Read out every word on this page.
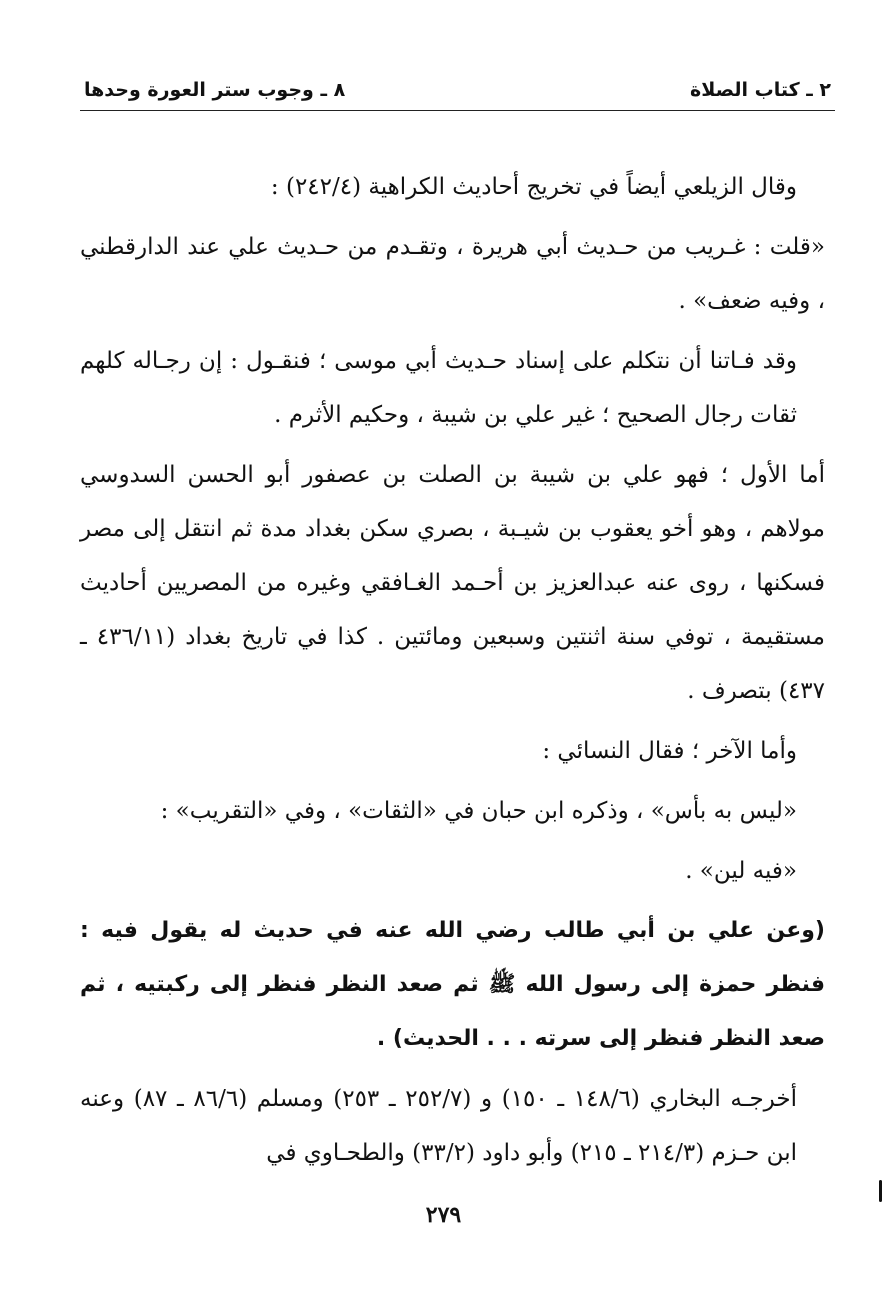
٢ ـ كتاب الصلاة
٨ ـ وجوب ستر العورة وحدها

وقال الزيلعي أيضاً في تخريج أحاديث الكراهية (٢٤٢/٤) :

«قلت : غـريب من حـديث أبي هريرة ، وتقـدم من حـديث علي عند الدارقطني ، وفيه ضعف» .

وقد فـاتنا أن نتكلم على إسناد حـديث أبي موسى ؛ فنقـول : إن رجـاله كلهم ثقات رجال الصحيح ؛ غير علي بن شيبة ، وحكيم الأثرم .

أما الأول ؛ فهو علي بن شيبة بن الصلت بن عصفور أبو الحسن السدوسي مولاهم ، وهو أخو يعقوب بن شيـبة ، بصري سكن بغداد مدة ثم انتقل إلى مصر فسكنها ، روى عنه عبدالعزيز بن أحـمد الغـافقي وغيره من المصريين أحاديث مستقيمة ، توفي سنة اثنتين وسبعين ومائتين . كذا في تاريخ بغداد (٤٣٦/١١ ـ ٤٣٧) بتصرف .

وأما الآخر ؛ فقال النسائي :

«ليس به بأس» ، وذكره ابن حبان في «الثقات» ، وفي «التقريب» :

«فيه لين» .

(وعن علي بن أبي طالب رضي الله عنه في حديث له يقول فيه : فنظر حمزة إلى رسول الله ﷺ ثم صعد النظر فنظر إلى ركبتيه ، ثم صعد النظر فنظر إلى سرته . . . الحديث) .

أخرجـه البخاري (١٤٨/٦ ـ ١٥٠) و (٢٥٢/٧ ـ ٢٥٣) ومسلم (٨٦/٦ ـ ٨٧) وعنه ابن حـزم (٢١٤/٣ ـ ٢١٥) وأبو داود (٣٣/٢) والطحـاوي في

٢٧٩
